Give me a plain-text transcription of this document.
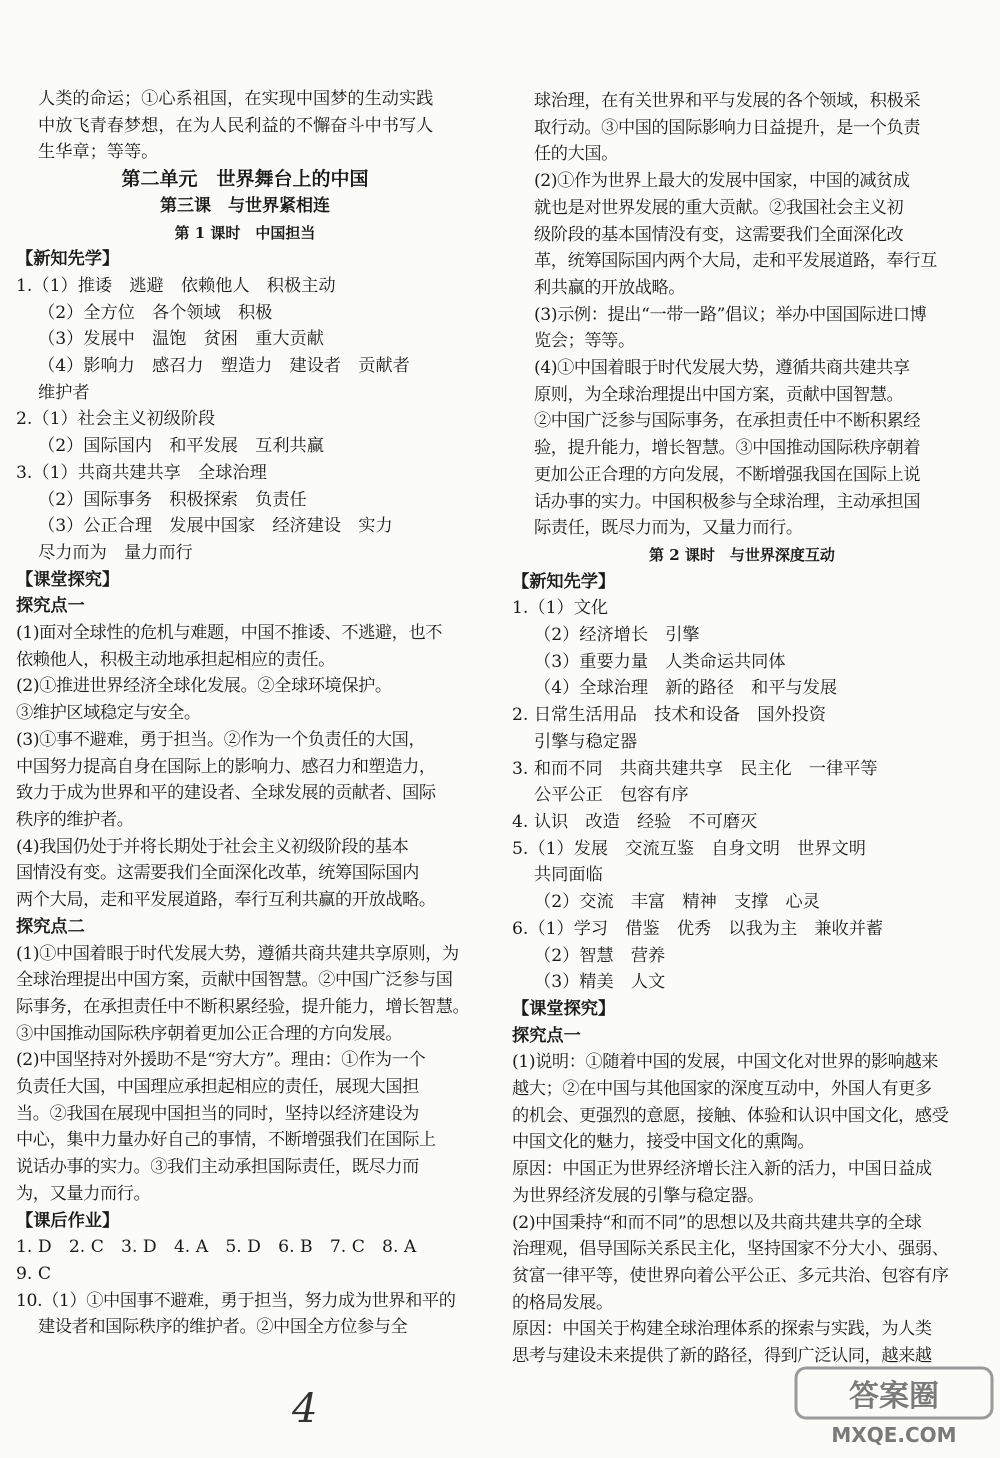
人类的命运；①心系祖国，在实现中国梦的生动实践

中放飞青春梦想，在为人民利益的不懈奋斗中书写人

生华章；等等。

第二单元　世界舞台上的中国

第三课　与世界紧相连

第 1 课时　中国担当

【新知先学】

1.（1）推诿　逃避　依赖他人　积极主动

（2）全方位　各个领域　积极

（3）发展中　温饱　贫困　重大贡献

（4）影响力　感召力　塑造力　建设者　贡献者

维护者

2.（1）社会主义初级阶段

（2）国际国内　和平发展　互利共赢

3.（1）共商共建共享　全球治理

（2）国际事务　积极探索　负责任

（3）公正合理　发展中国家　经济建设　实力

尽力而为　量力而行

【课堂探究】

探究点一

(1)面对全球性的危机与难题，中国不推诿、不逃避，也不

依赖他人，积极主动地承担起相应的责任。

(2)①推进世界经济全球化发展。②全球环境保护。

③维护区域稳定与安全。

(3)①事不避难，勇于担当。②作为一个负责任的大国，

中国努力提高自身在国际上的影响力、感召力和塑造力，

致力于成为世界和平的建设者、全球发展的贡献者、国际

秩序的维护者。

(4)我国仍处于并将长期处于社会主义初级阶段的基本

国情没有变。这需要我们全面深化改革，统筹国际国内

两个大局，走和平发展道路，奉行互利共赢的开放战略。

探究点二

(1)①中国着眼于时代发展大势，遵循共商共建共享原则，为

全球治理提出中国方案，贡献中国智慧。②中国广泛参与国

际事务，在承担责任中不断积累经验，提升能力，增长智慧。

③中国推动国际秩序朝着更加公正合理的方向发展。

(2)中国坚持对外援助不是“穷大方”。理由：①作为一个

负责任大国，中国理应承担起相应的责任，展现大国担

当。②我国在展现中国担当的同时，坚持以经济建设为

中心，集中力量办好自己的事情，不断增强我们在国际上

说话办事的实力。③我们主动承担国际责任，既尽力而

为，又量力而行。

【课后作业】

1. D　2. C　3. D　4. A　5. D　6. B　7. C　8. A

9. C

10.（1）①中国事不避难，勇于担当，努力成为世界和平的

建设者和国际秩序的维护者。②中国全方位参与全

球治理，在有关世界和平与发展的各个领域，积极采

取行动。③中国的国际影响力日益提升，是一个负责

任的大国。

(2)①作为世界上最大的发展中国家，中国的减贫成

就也是对世界发展的重大贡献。②我国社会主义初

级阶段的基本国情没有变，这需要我们全面深化改

革，统筹国际国内两个大局，走和平发展道路，奉行互

利共赢的开放战略。

(3)示例：提出“一带一路”倡议；举办中国国际进口博

览会；等等。

(4)①中国着眼于时代发展大势，遵循共商共建共享

原则，为全球治理提出中国方案，贡献中国智慧。

②中国广泛参与国际事务，在承担责任中不断积累经

验，提升能力，增长智慧。③中国推动国际秩序朝着

更加公正合理的方向发展，不断增强我国在国际上说

话办事的实力。中国积极参与全球治理，主动承担国

际责任，既尽力而为，又量力而行。

第 2 课时　与世界深度互动

【新知先学】

1.（1）文化

（2）经济增长　引擎

（3）重要力量　人类命运共同体

（4）全球治理　新的路径　和平与发展

2. 日常生活用品　技术和设备　国外投资

引擎与稳定器

3. 和而不同　共商共建共享　民主化　一律平等

公平公正　包容有序

4. 认识　改造　经验　不可磨灭

5.（1）发展　交流互鉴　自身文明　世界文明

共同面临

（2）交流　丰富　精神　支撑　心灵

6.（1）学习　借鉴　优秀　以我为主　兼收并蓄

（2）智慧　营养

（3）精美　人文

【课堂探究】

探究点一

(1)说明：①随着中国的发展，中国文化对世界的影响越来

越大；②在中国与其他国家的深度互动中，外国人有更多

的机会、更强烈的意愿，接触、体验和认识中国文化，感受

中国文化的魅力，接受中国文化的熏陶。

原因：中国正为世界经济增长注入新的活力，中国日益成

为世界经济发展的引擎与稳定器。

(2)中国秉持“和而不同”的思想以及共商共建共享的全球

治理观，倡导国际关系民主化，坚持国家不分大小、强弱、

贫富一律平等，使世界向着公平公正、多元共治、包容有序

的格局发展。

原因：中国关于构建全球治理体系的探索与实践，为人类

思考与建设未来提供了新的路径，得到广泛认同，越来越

4	答案圈
MXQE.COM
